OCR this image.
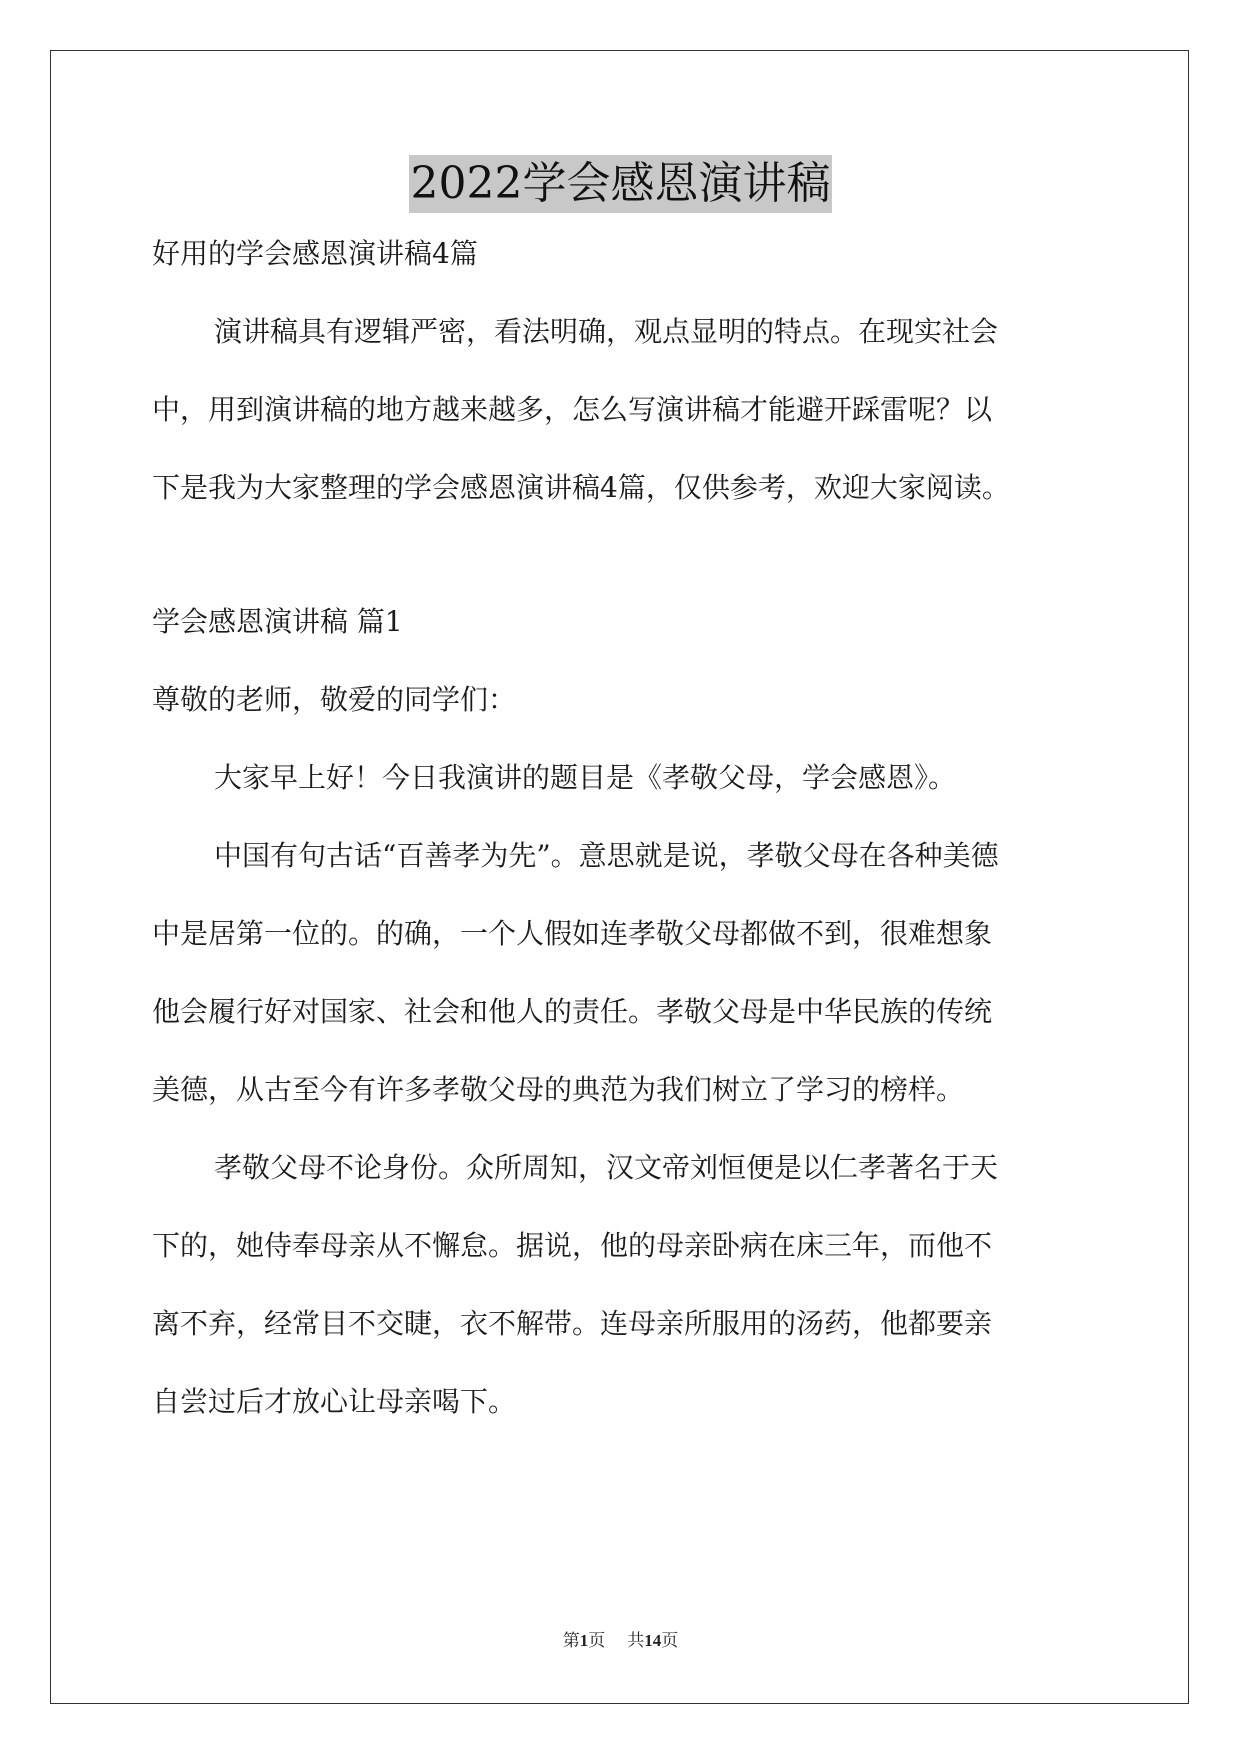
2022学会感恩演讲稿
好用的学会感恩演讲稿4篇
演讲稿具有逻辑严密，看法明确，观点显明的特点。在现实社会
中，用到演讲稿的地方越来越多，怎么写演讲稿才能避开踩雷呢？以
下是我为大家整理的学会感恩演讲稿4篇，仅供参考，欢迎大家阅读。
学会感恩演讲稿 篇1
尊敬的老师，敬爱的同学们：
大家早上好！今日我演讲的题目是《孝敬父母，学会感恩》。
中国有句古话“百善孝为先”。意思就是说，孝敬父母在各种美德
中是居第一位的。的确，一个人假如连孝敬父母都做不到，很难想象
他会履行好对国家、社会和他人的责任。孝敬父母是中华民族的传统
美德，从古至今有许多孝敬父母的典范为我们树立了学习的榜样。
孝敬父母不论身份。众所周知，汉文帝刘恒便是以仁孝著名于天
下的，她侍奉母亲从不懈怠。据说，他的母亲卧病在床三年，而他不
离不弃，经常目不交睫，衣不解带。连母亲所服用的汤药，他都要亲
自尝过后才放心让母亲喝下。
第1页 共14页
